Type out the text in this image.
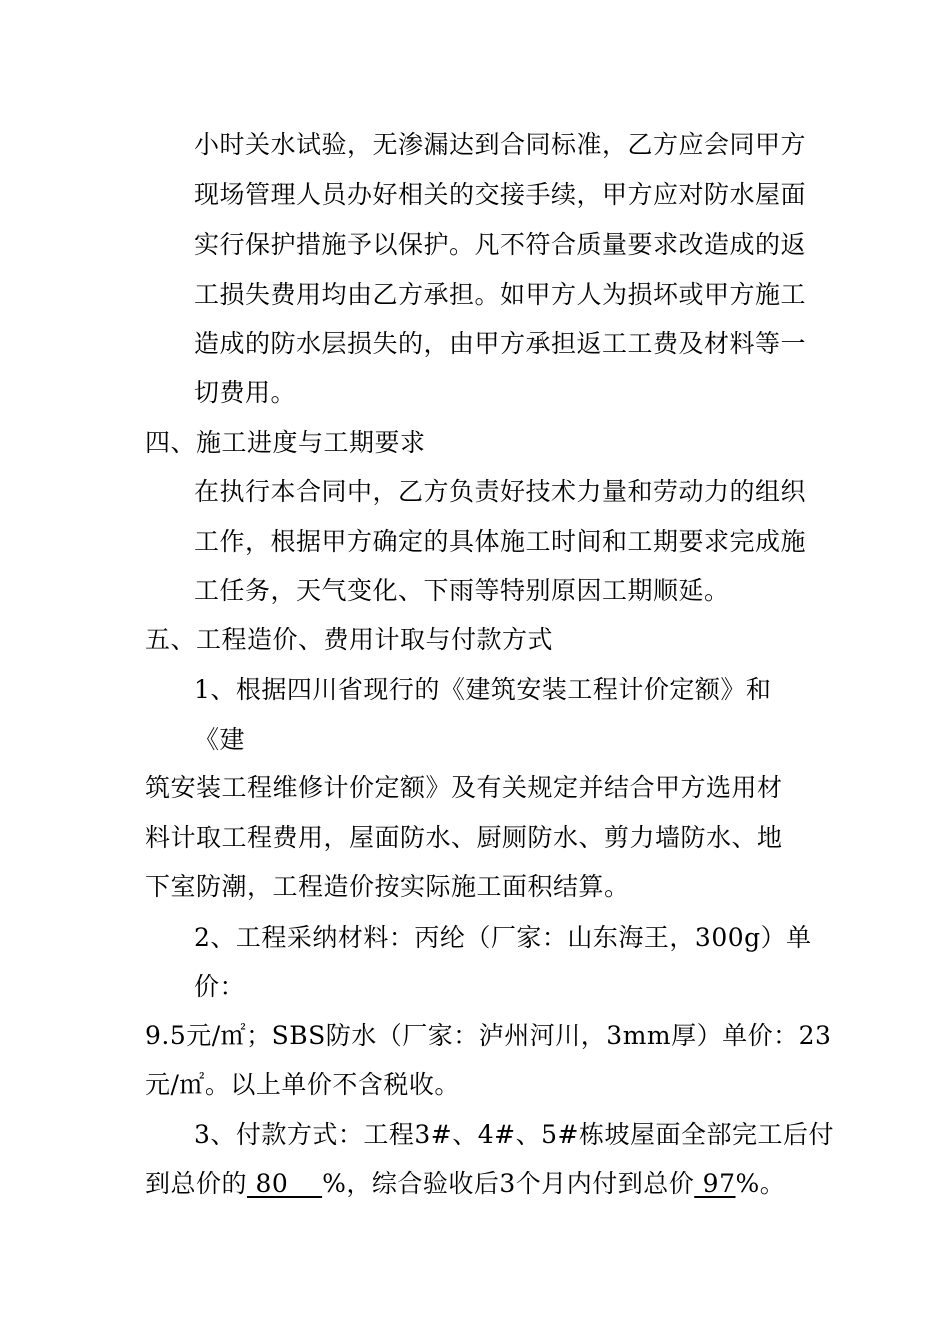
小时关水试验，无渗漏达到合同标准，乙方应会同甲方
现场管理人员办好相关的交接手续，甲方应对防水屋面
实行保护措施予以保护。凡不符合质量要求改造成的返
工损失费用均由乙方承担。如甲方人为损坏或甲方施工
造成的防水层损失的，由甲方承担返工工费及材料等一
切费用。
四、施工进度与工期要求
在执行本合同中，乙方负责好技术力量和劳动力的组织
工作，根据甲方确定的具体施工时间和工期要求完成施
工任务，天气变化、下雨等特别原因工期顺延。
五、工程造价、费用计取与付款方式
1、根据四川省现行的《建筑安装工程计价定额》和
《建
筑安装工程维修计价定额》及有关规定并结合甲方选用材
料计取工程费用，屋面防水、厨厕防水、剪力墙防水、地
下室防潮，工程造价按实际施工面积结算。
2、工程采纳材料：丙纶（厂家：山东海王，300g）单
价：
9.5元/㎡；SBS防水（厂家：泸州河川，3mm厚）单价：23
元/㎡。以上单价不含税收。
3、付款方式：工程3#、4#、5#栋坡屋面全部完工后付
到总价的 80    %，综合验收后3个月内付到总价 97%。
